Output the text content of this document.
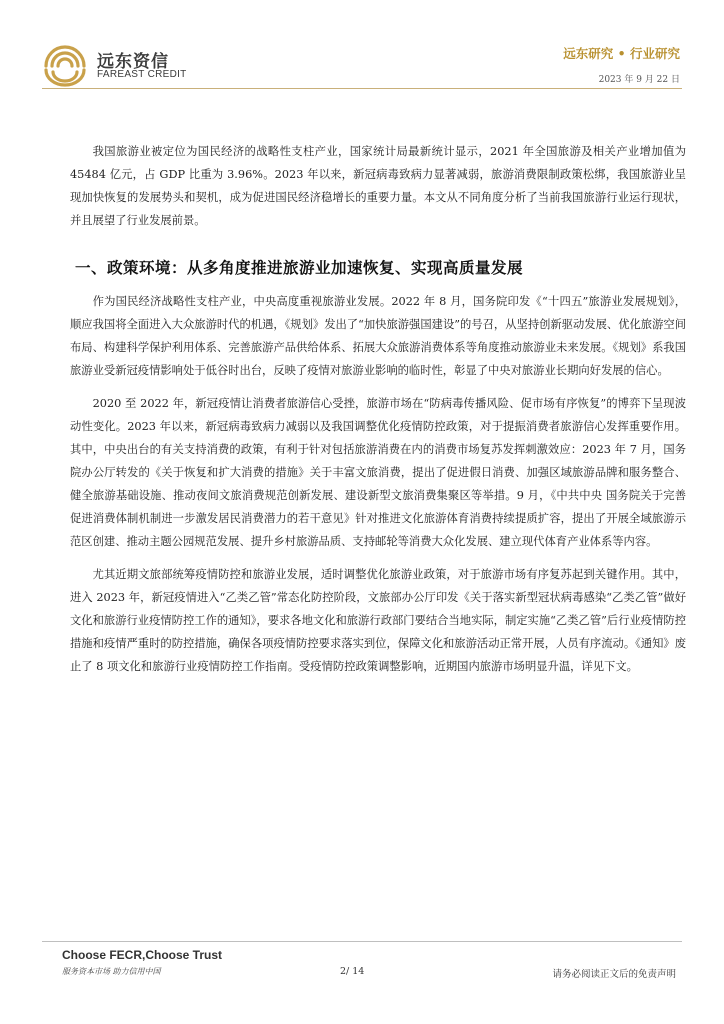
远东资信
FAREAST CREDIT
远东研究 • 行业研究
2023 年 9 月 22 日

我国旅游业被定位为国民经济的战略性支柱产业，国家统计局最新统计显示，2021 年全国旅游及相关产业增加值为 45484 亿元，占 GDP 比重为 3.96%。2023 年以来，新冠病毒致病力显著减弱，旅游消费限制政策松绑，我国旅游业呈现加快恢复的发展势头和契机，成为促进国民经济稳增长的重要力量。本文从不同角度分析了当前我国旅游行业运行现状，并且展望了行业发展前景。

一、政策环境：从多角度推进旅游业加速恢复、实现高质量发展

作为国民经济战略性支柱产业，中央高度重视旅游业发展。2022 年 8 月，国务院印发《“十四五”旅游业发展规划》，顺应我国将全面进入大众旅游时代的机遇，《规划》发出了“加快旅游强国建设”的号召，从坚持创新驱动发展、优化旅游空间布局、构建科学保护利用体系、完善旅游产品供给体系、拓展大众旅游消费体系等角度推动旅游业未来发展。《规划》系我国旅游业受新冠疫情影响处于低谷时出台，反映了疫情对旅游业影响的临时性，彰显了中央对旅游业长期向好发展的信心。

2020 至 2022 年，新冠疫情让消费者旅游信心受挫，旅游市场在“防病毒传播风险、促市场有序恢复”的博弈下呈现波动性变化。2023 年以来，新冠病毒致病力减弱以及我国调整优化疫情防控政策，对于提振消费者旅游信心发挥重要作用。其中，中央出台的有关支持消费的政策，有利于针对包括旅游消费在内的消费市场复苏发挥刺激效应：2023 年 7 月，国务院办公厅转发的《关于恢复和扩大消费的措施》关于丰富文旅消费，提出了促进假日消费、加强区域旅游品牌和服务整合、健全旅游基础设施、推动夜间文旅消费规范创新发展、建设新型文旅消费集聚区等举措。9 月，《中共中央 国务院关于完善促进消费体制机制进一步激发居民消费潜力的若干意见》针对推进文化旅游体育消费持续提质扩容，提出了开展全域旅游示范区创建、推动主题公园规范发展、提升乡村旅游品质、支持邮轮等消费大众化发展、建立现代体育产业体系等内容。

尤其近期文旅部统筹疫情防控和旅游业发展，适时调整优化旅游业政策，对于旅游市场有序复苏起到关键作用。其中，进入 2023 年，新冠疫情进入“乙类乙管”常态化防控阶段，文旅部办公厅印发《关于落实新型冠状病毒感染“乙类乙管”做好文化和旅游行业疫情防控工作的通知》，要求各地文化和旅游行政部门要结合当地实际，制定实施“乙类乙管”后行业疫情防控措施和疫情严重时的防控措施，确保各项疫情防控要求落实到位，保障文化和旅游活动正常开展，人员有序流动。《通知》废止了 8 项文化和旅游行业疫情防控工作指南。受疫情防控政策调整影响，近期国内旅游市场明显升温，详见下文。

Choose FECR,Choose Trust
服务资本市场 助力信用中国	2/ 14	请务必阅读正文后的免责声明
